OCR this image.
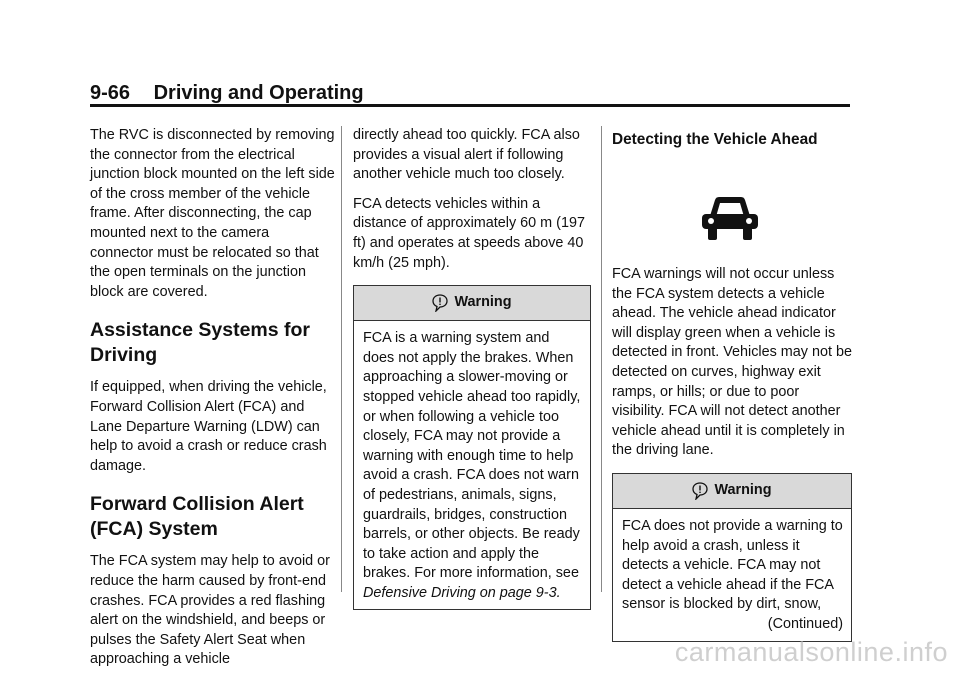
9-66 Driving and Operating

The RVC is disconnected by removing the connector from the electrical junction block mounted on the left side of the cross member of the vehicle frame. After disconnecting, the cap mounted next to the camera connector must be relocated so that the open terminals on the junction block are covered.

Assistance Systems for Driving

If equipped, when driving the vehicle, Forward Collision Alert (FCA) and Lane Departure Warning (LDW) can help to avoid a crash or reduce crash damage.

Forward Collision Alert (FCA) System

The FCA system may help to avoid or reduce the harm caused by front-end crashes. FCA provides a red flashing alert on the windshield, and beeps or pulses the Safety Alert Seat when approaching a vehicle

directly ahead too quickly. FCA also provides a visual alert if following another vehicle much too closely.

FCA detects vehicles within a distance of approximately 60 m (197 ft) and operates at speeds above 40 km/h (25 mph).

Warning

FCA is a warning system and does not apply the brakes. When approaching a slower-moving or stopped vehicle ahead too rapidly, or when following a vehicle too closely, FCA may not provide a warning with enough time to help avoid a crash. FCA does not warn of pedestrians, animals, signs, guardrails, bridges, construction barrels, or other objects. Be ready to take action and apply the brakes. For more information, see Defensive Driving on page 9-3.

Detecting the Vehicle Ahead

FCA warnings will not occur unless the FCA system detects a vehicle ahead. The vehicle ahead indicator will display green when a vehicle is detected in front. Vehicles may not be detected on curves, highway exit ramps, or hills; or due to poor visibility. FCA will not detect another vehicle ahead until it is completely in the driving lane.

Warning

FCA does not provide a warning to help avoid a crash, unless it detects a vehicle. FCA may not detect a vehicle ahead if the FCA sensor is blocked by dirt, snow,

(Continued)
carmanualsonline.info
